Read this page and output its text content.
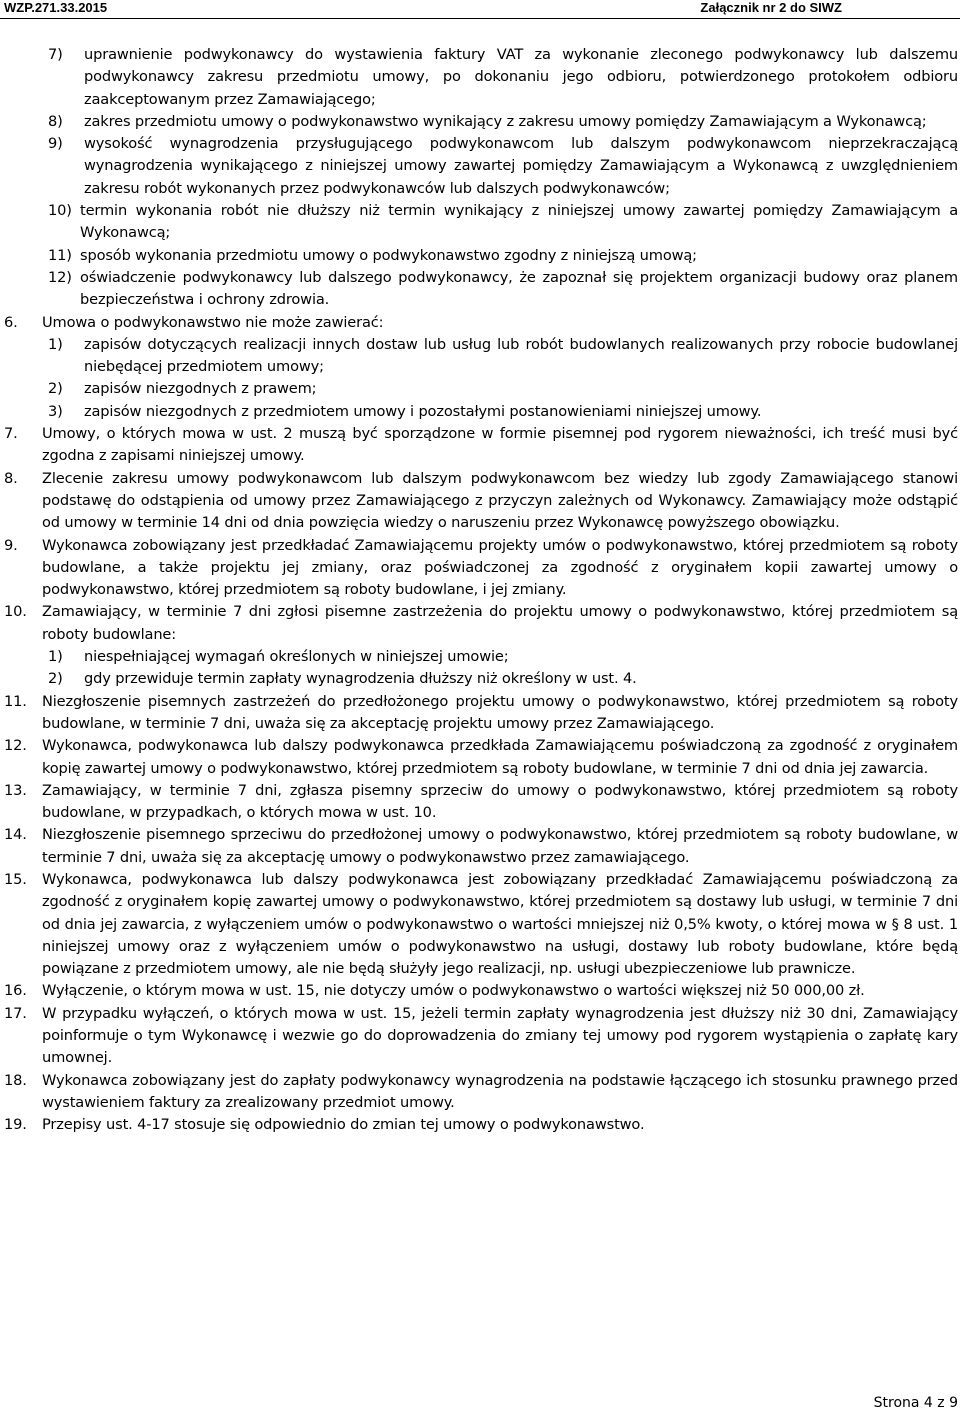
WZP.271.33.2015	Załącznik nr 2 do SIWZ
7) uprawnienie podwykonawcy do wystawienia faktury VAT za wykonanie zleconego podwykonawcy lub dalszemu podwykonawcy zakresu przedmiotu umowy, po dokonaniu jego odbioru, potwierdzonego protokołem odbioru zaakceptowanym przez Zamawiającego;
8) zakres przedmiotu umowy o podwykonawstwo wynikający z zakresu umowy pomiędzy Zamawiającym a Wykonawcą;
9) wysokość wynagrodzenia przysługującego podwykonawcom lub dalszym podwykonawcom nieprzekraczającą wynagrodzenia wynikającego z niniejszej umowy zawartej pomiędzy Zamawiającym a Wykonawcą z uwzględnieniem zakresu robót wykonanych przez podwykonawców lub dalszych podwykonawców;
10) termin wykonania robót nie dłuższy niż termin wynikający z niniejszej umowy zawartej pomiędzy Zamawiającym a Wykonawcą;
11) sposób wykonania przedmiotu umowy o podwykonawstwo zgodny z niniejszą umową;
12) oświadczenie podwykonawcy lub dalszego podwykonawcy, że zapoznał się projektem organizacji budowy oraz planem bezpieczeństwa i ochrony zdrowia.
6. Umowa o podwykonawstwo nie może zawierać:
1) zapisów dotyczących realizacji innych dostaw lub usług lub robót budowlanych realizowanych przy robocie budowlanej niebędącej przedmiotem umowy;
2) zapisów niezgodnych z prawem;
3) zapisów niezgodnych z przedmiotem umowy i pozostałymi postanowieniami niniejszej umowy.
7. Umowy, o których mowa w ust. 2 muszą być sporządzone w formie pisemnej pod rygorem nieważności, ich treść musi być zgodna z zapisami niniejszej umowy.
8. Zlecenie zakresu umowy podwykonawcom lub dalszym podwykonawcom bez wiedzy lub zgody Zamawiającego stanowi podstawę do odstąpienia od umowy przez Zamawiającego z przyczyn zależnych od Wykonawcy. Zamawiający może odstąpić od umowy w terminie 14 dni od dnia powzięcia wiedzy o naruszeniu przez Wykonawcę powyższego obowiązku.
9. Wykonawca zobowiązany jest przedkładać Zamawiającemu projekty umów o podwykonawstwo, której przedmiotem są roboty budowlane, a także projektu jej zmiany, oraz poświadczonej za zgodność z oryginałem kopii zawartej umowy o podwykonawstwo, której przedmiotem są roboty budowlane, i jej zmiany.
10. Zamawiający, w terminie 7 dni zgłosi pisemne zastrzeżenia do projektu umowy o podwykonawstwo, której przedmiotem są roboty budowlane:
1) niespełniającej wymagań określonych w niniejszej umowie;
2) gdy przewiduje termin zapłaty wynagrodzenia dłuższy niż określony w ust. 4.
11. Niezgłoszenie pisemnych zastrzeżeń do przedłożonego projektu umowy o podwykonawstwo, której przedmiotem są roboty budowlane, w terminie 7 dni, uważa się za akceptację projektu umowy przez Zamawiającego.
12. Wykonawca, podwykonawca lub dalszy podwykonawca przedkłada Zamawiającemu poświadczoną za zgodność z oryginałem kopię zawartej umowy o podwykonawstwo, której przedmiotem są roboty budowlane, w terminie 7 dni od dnia jej zawarcia.
13. Zamawiający, w terminie 7 dni, zgłasza pisemny sprzeciw do umowy o podwykonawstwo, której przedmiotem są roboty budowlane, w przypadkach, o których mowa w ust. 10.
14. Niezgłoszenie pisemnego sprzeciwu do przedłożonej umowy o podwykonawstwo, której przedmiotem są roboty budowlane, w terminie 7 dni, uważa się za akceptację umowy o podwykonawstwo przez zamawiającego.
15. Wykonawca, podwykonawca lub dalszy podwykonawca jest zobowiązany przedkładać Zamawiającemu poświadczoną za zgodność z oryginałem kopię zawartej umowy o podwykonawstwo, której przedmiotem są dostawy lub usługi, w terminie 7 dni od dnia jej zawarcia, z wyłączeniem umów o podwykonawstwo o wartości mniejszej niż 0,5% kwoty, o której mowa w § 8 ust. 1 niniejszej umowy oraz z wyłączeniem umów o podwykonawstwo na usługi, dostawy lub roboty budowlane, które będą powiązane z przedmiotem umowy, ale nie będą służyły jego realizacji, np. usługi ubezpieczeniowe lub prawnicze.
16. Wyłączenie, o którym mowa w ust. 15, nie dotyczy umów o podwykonawstwo o wartości większej niż 50 000,00 zł.
17. W przypadku wyłączeń, o których mowa w ust. 15, jeżeli termin zapłaty wynagrodzenia jest dłuższy niż 30 dni, Zamawiający poinformuje o tym Wykonawcę i wezwie go do doprowadzenia do zmiany tej umowy pod rygorem wystąpienia o zapłatę kary umownej.
18. Wykonawca zobowiązany jest do zapłaty podwykonawcy wynagrodzenia na podstawie łączącego ich stosunku prawnego przed wystawieniem faktury za zrealizowany przedmiot umowy.
19. Przepisy ust. 4-17 stosuje się odpowiednio do zmian tej umowy o podwykonawstwo.
Strona 4 z 9
